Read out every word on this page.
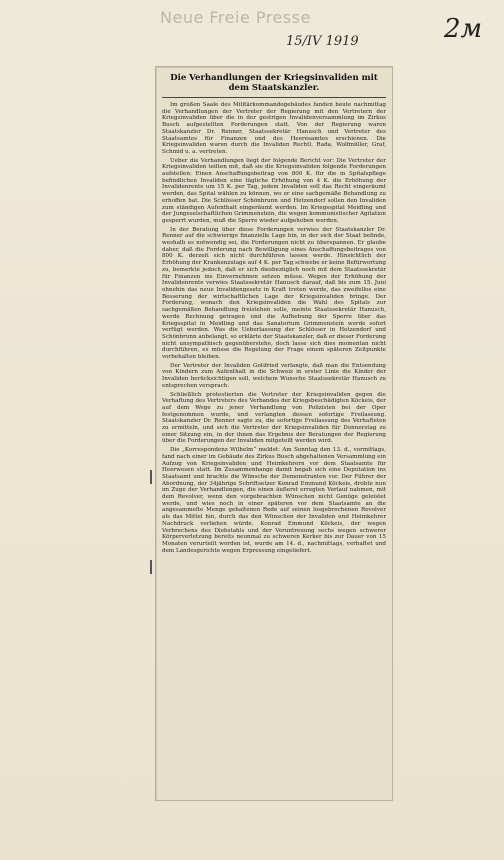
Neue Freie Presse
15/IV 1919	2м
Die Verhandlungen der Kriegsinvaliden mit dem Staatskanzler.

Im großen Saale des Militärkommandogebäudes fanden heute nachmittag die Verhandlungen der Vertreter der Regierung mit den Vertretern der Kriegsinvaliden über die in der gestrigen Invalidenversammlung im Zirkus Busch aufgestellten Forderungen statt. Von der Regierung waren Staatskanzler Dr. Renner, Staatssekretär Hanusch und Vertreter des Staatsamtes für Finanzen und des Heeresamtes erschienen. Die Kriegsinvaliden waren durch die Invaliden Rechtl, Rada, Wolfmüller, Graf, Schmid u. a. vertreten.

Ueber die Verhandlungen liegt der folgende Bericht vor: Die Vertreter der Kriegsinvaliden teilten mit, daß sie die Kriegsinvaliden folgende Forderungen aufstellen: Einen Anschaffungsbeitrag von 800 K. für die in Spitalspflege befindlichen Invaliden eine tägliche Erhöhung von 4 K. die Erhöhung der Invalidenrente um 15 K. per Tag, jedem Invaliden soll das Recht eingeräumt werden, das Spital wählen zu können, wo er eine sachgemäße Behandlung zu erhoffen hat. Die Schlösser Schönbrunn und Hetzendorf sollen den Invaliden zum ständigen Aufenthalt eingeräumt werden. Im Kriegsspital Meidling und der Jungeselschaftlichen Grimmenstein, die wegen kommunistischer Agitation gesperrt wurden, muß die Sperre wieder aufgehoben werden.

In der Beratung über diese Forderungen verwies der Staatskanzler Dr. Renner auf die schwierige finanzielle Lage hin, in der sich der Staat befinde, weshalb es notwendig sei, die Forderungen nicht zu überspannen. Er glaube daher, daß die Forderung nach Bewilligung eines Anschaffungsbeitrages von 800 K. derzeit sich nicht durchführen lassen werde. Hinsichtlich der Erhöhung der Krankenzulage auf 4 K. per Tag schwebe er keine Befürwortung zu, bemerkte jedoch, daß er sich diesbezüglich noch mit dem Staatssekretär für Finanzen ins Einvernehmen setzen müsse. Wegen der Erhöhung der Invalidenrente verwies Staatssekretär Hanusch darauf, daß bis zum 15. Juni ohnehin das neue Invalidengesetz in Kraft treten werde, das zweifellos eine Besserung der wirtschaftlichen Lage der Kriegsinvaliden bringe. Der Forderung, wonach den Kriegsinvaliden die Wahl des Spitals zur sachgemäßen Behandlung freistehen solle, meinte Staatssekretär Hanusch, werde Rechnung getragen und die Aufhebung der Sperre über das Kriegsspital in Meidling und das Sanatorium Grimmenstein werde sofort verfügt werden. Was die Ueberlassung der Schlösser in Hetzendorf und Schönbrunn anbelangt, so erklärte der Staatskanzler, daß er dieser Forderung nicht unsympathisch gegenüberstehe, doch lasse sich dies momentan nicht durchführen, es müsse die Regelung der Frage einem späteren Zeitpunkte vorbehalten bleiben.

Der Vertreter der Invaliden Gotifried verlangte, daß man die Entsendung von Kindern zum Aufenthalt in die Schweiz in erster Linie die Kinder der Invaliden berücksichtigen soll, welchem Wunsche Staatssekretär Hanusch zu entsprechen versprach.

Schließlich protestierten die Vertreter der Kriegsinvaliden gegen die Verhaftung des Vertreters des Verbandes der Kriegsbeschädigten Köckeis, der auf dem Wege zu jener Verhandlung von Polizisten bei der Oper festgenommen wurde, und verlangten dessen sofortige Freilassung. Staatskanzler Dr. Renner sagte zu, die sofortige Freilassung des Verhafteten zu ermitteln, und sich die Vertreter der Kriegsinvaliden für Donnerstag zu einer Sitzung ein, in der ihnen das Ergebnis der Beratungen der Regierung über die Forderungen der Invaliden mitgeteilt werden wird.

Die „Korrespondenz Wilhelm“ meldet: Am Sonntag den 13. d., vormittags, fand nach einer im Gebäude des Zirkus Busch abgehaltenen Versammlung ein Aufzug von Kriegsinvaliden und Heimkehrern vor dem Staatsamte für Heerwesen statt. Im Zusammenhange damit begab sich eine Deputation ins Staatsamt und brachte die Wünsche der Demonstranten vor. Der Führer der Abordnung, der 34jährige Schriftsetzer Konrad Emmund Köckeis, drohte nun im Zuge der Verhandlungen, die einen äußerst erregten Verlauf nahmen, mit dem Revolver, wenn den vorgebrachten Wünschen nicht Genüge geleistet werde, und wies noch in einer späteren vor dem Staatsamte an die angesammelte Menge gehaltenen Rede auf seinen losgebrochenen Revolver als das Mittel hin, durch das den Wünschen der Invaliden und Heimkehrer Nachdruck verliehen würde. Konrad Emmund Köckeis, der wegen Verbrechens des Diebstahls und der Veruntreuung sechs wegen schwerer Körperverletzung bereits neunmal zu schweren Kerker bis zur Dauer von 15 Monaten verurteilt worden ist, wurde am 14. d., nachmittags, verhaftet und dem Landesgerichte wegen Erpressung eingeliefert.
